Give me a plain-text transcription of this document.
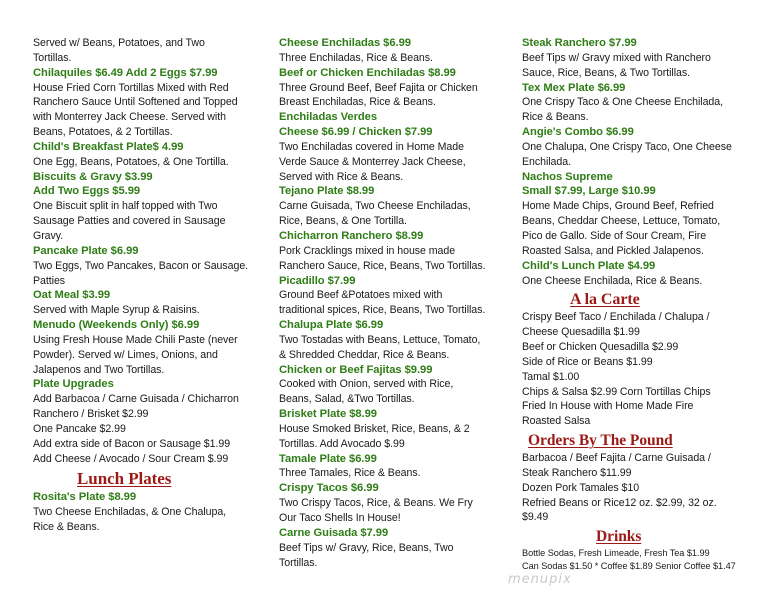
Served w/ Beans, Potatoes, and Two
Tortillas.
Chilaquiles $6.49 Add 2 Eggs $7.99
House Fried Corn Tortillas Mixed with Red
Ranchero Sauce Until Softened and Topped
with Monterrey Jack Cheese. Served with
Beans, Potatoes, & 2 Tortillas.
Child's Breakfast Plate$ 4.99
One Egg, Beans, Potatoes, & One Tortilla.
Biscuits & Gravy $3.99
Add Two Eggs $5.99
One Biscuit split in half topped with Two
Sausage Patties and covered in Sausage
Gravy.
Pancake Plate $6.99
Two Eggs, Two Pancakes, Bacon or Sausage.
Patties
Oat Meal $3.99
Served with Maple Syrup & Raisins.
Menudo (Weekends Only) $6.99
Using Fresh House Made Chili Paste (never
Powder). Served w/ Limes, Onions, and
Jalapenos and Two Tortillas.
Plate Upgrades
Add Barbacoa / Carne Guisada / Chicharron
Ranchero / Brisket $2.99
One Pancake $2.99
Add extra side of Bacon or Sausage $1.99
Add Cheese / Avocado / Sour Cream $.99
Lunch Plates
Rosita's Plate $8.99
Two Cheese Enchiladas, & One Chalupa,
Rice & Beans.
Cheese Enchiladas $6.99
Three Enchiladas, Rice & Beans.
Beef or Chicken Enchiladas $8.99
Three Ground Beef, Beef Fajita or Chicken
Breast Enchiladas, Rice & Beans.
Enchiladas Verdes
Cheese $6.99 / Chicken $7.99
Two Enchiladas covered in Home Made
Verde Sauce & Monterrey Jack Cheese,
Served with Rice & Beans.
Tejano Plate $8.99
Carne Guisada, Two Cheese Enchiladas,
Rice, Beans, & One Tortilla.
Chicharron Ranchero $8.99
Pork Cracklings mixed in house made
Ranchero Sauce, Rice, Beans, Two Tortillas.
Picadillo $7.99
Ground Beef &Potatoes mixed with
traditional spices, Rice, Beans, Two Tortillas.
Chalupa Plate $6.99
Two Tostadas with Beans, Lettuce, Tomato,
& Shredded Cheddar, Rice & Beans.
Chicken or Beef Fajitas $9.99
Cooked with Onion, served with Rice,
Beans, Salad, &Two Tortillas.
Brisket Plate $8.99
House Smoked Brisket, Rice, Beans, & 2
Tortillas. Add Avocado $.99
Tamale Plate $6.99
Three Tamales, Rice & Beans.
Crispy Tacos $6.99
Two Crispy Tacos, Rice, & Beans. We Fry
Our Taco Shells In House!
Carne Guisada $7.99
Beef Tips w/ Gravy, Rice, Beans, Two
Tortillas.
Steak Ranchero $7.99
Beef Tips w/ Gravy mixed with Ranchero
Sauce, Rice, Beans, & Two Tortillas.
Tex Mex Plate $6.99
One Crispy Taco & One Cheese Enchilada,
Rice & Beans.
Angie's Combo $6.99
One Chalupa, One Crispy Taco, One Cheese
Enchilada.
Nachos Supreme
Small $7.99, Large $10.99
Home Made Chips, Ground Beef, Refried
Beans, Cheddar Cheese, Lettuce, Tomato,
Pico de Gallo. Side of Sour Cream, Fire
Roasted Salsa, and Pickled Jalapenos.
Child's Lunch Plate $4.99
One Cheese Enchilada, Rice & Beans.
A la Carte
Crispy Beef Taco / Enchilada / Chalupa /
Cheese Quesadilla $1.99
Beef or Chicken Quesadilla $2.99
Side of Rice or Beans $1.99
Tamal $1.00
Chips & Salsa $2.99 Corn Tortillas Chips
Fried In House with Home Made Fire
Roasted Salsa
Orders By The Pound
Barbacoa / Beef Fajita / Carne Guisada /
Steak Ranchero $11.99
Dozen Pork Tamales $10
Refried Beans or Rice12 oz. $2.99, 32 oz.
$9.49
Drinks
Bottle Sodas, Fresh Limeade, Fresh Tea $1.99
Can Sodas $1.50 * Coffee $1.89 Senior Coffee $1.47
menupix
